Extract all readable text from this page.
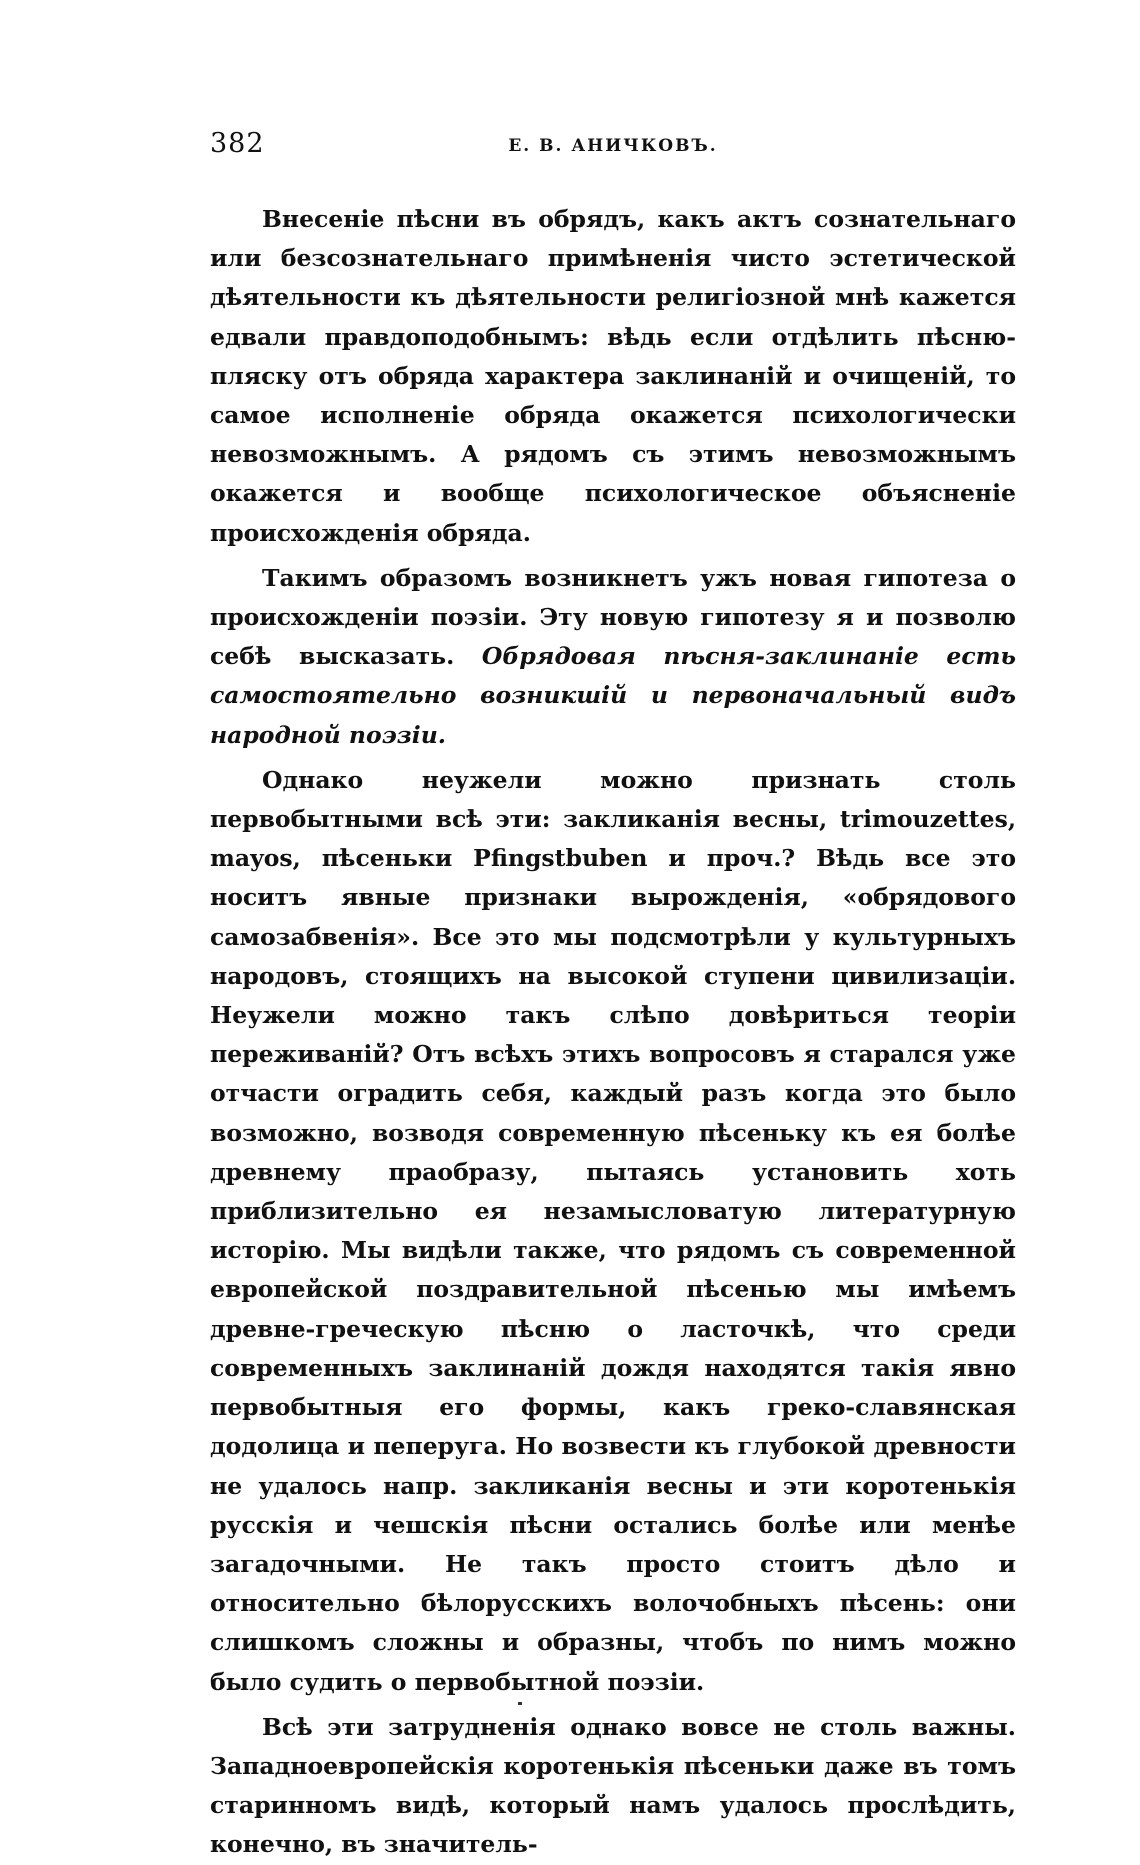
382	Е. В. АНИЧКОВЪ.

Внесеніе пѣсни въ обрядъ, какъ актъ сознательнаго или безсознательнаго примѣненія чисто эстетической дѣятельности къ дѣятельности религіозной мнѣ кажется едвали правдоподобнымъ: вѣдь если отдѣлить пѣсню-пляску отъ обряда характера заклинаній и очищеній, то самое исполненіе обряда окажется психологически невозможнымъ. А рядомъ съ этимъ невозможнымъ окажется и вообще психологическое объясненіе происхожденія обряда.

Такимъ образомъ возникнетъ ужъ новая гипотеза о происхожденіи поэзіи. Эту новую гипотезу я и позволю себѣ высказать. Обрядовая пѣсня-заклинаніе есть самостоятельно возникшій и первоначальный видъ народной поэзіи.

Однако неужели можно признать столь первобытными всѣ эти: закликанія весны, trimouzettes, mayos, пѣсеньки Pfingstbuben и проч.? Вѣдь все это носитъ явные признаки вырожденія, «обрядового самозабвенія». Все это мы подсмотрѣли у культурныхъ народовъ, стоящихъ на высокой ступени цивилизаціи. Неужели можно такъ слѣпо довѣриться теоріи переживаній? Отъ всѣхъ этихъ вопросовъ я старался уже отчасти оградить себя, каждый разъ когда это было возможно, возводя современную пѣсеньку къ ея болѣе древнему праобразу, пытаясь установить хоть приблизительно ея незамысловатую литературную исторію. Мы видѣли также, что рядомъ съ современной европейской поздравительной пѣсенью мы имѣемъ древне-греческую пѣсню о ласточкѣ, что среди современныхъ заклинаній дождя находятся такія явно первобытныя его формы, какъ греко-славянская додолица и пеперуга. Но возвести къ глубокой древности не удалось напр. закликанія весны и эти коротенькія русскія и чешскія пѣсни остались болѣе или менѣе загадочными. Не такъ просто стоитъ дѣло и относительно бѣлорусскихъ волочобныхъ пѣсень: они слишкомъ сложны и образны, чтобъ по нимъ можно было судить о первобытной поэзіи.

Всѣ эти затрудненія однако вовсе не столь важны. Западноевропейскія коротенькія пѣсеньки даже въ томъ старинномъ видѣ, который намъ удалось прослѣдить, конечно, въ значитель-
